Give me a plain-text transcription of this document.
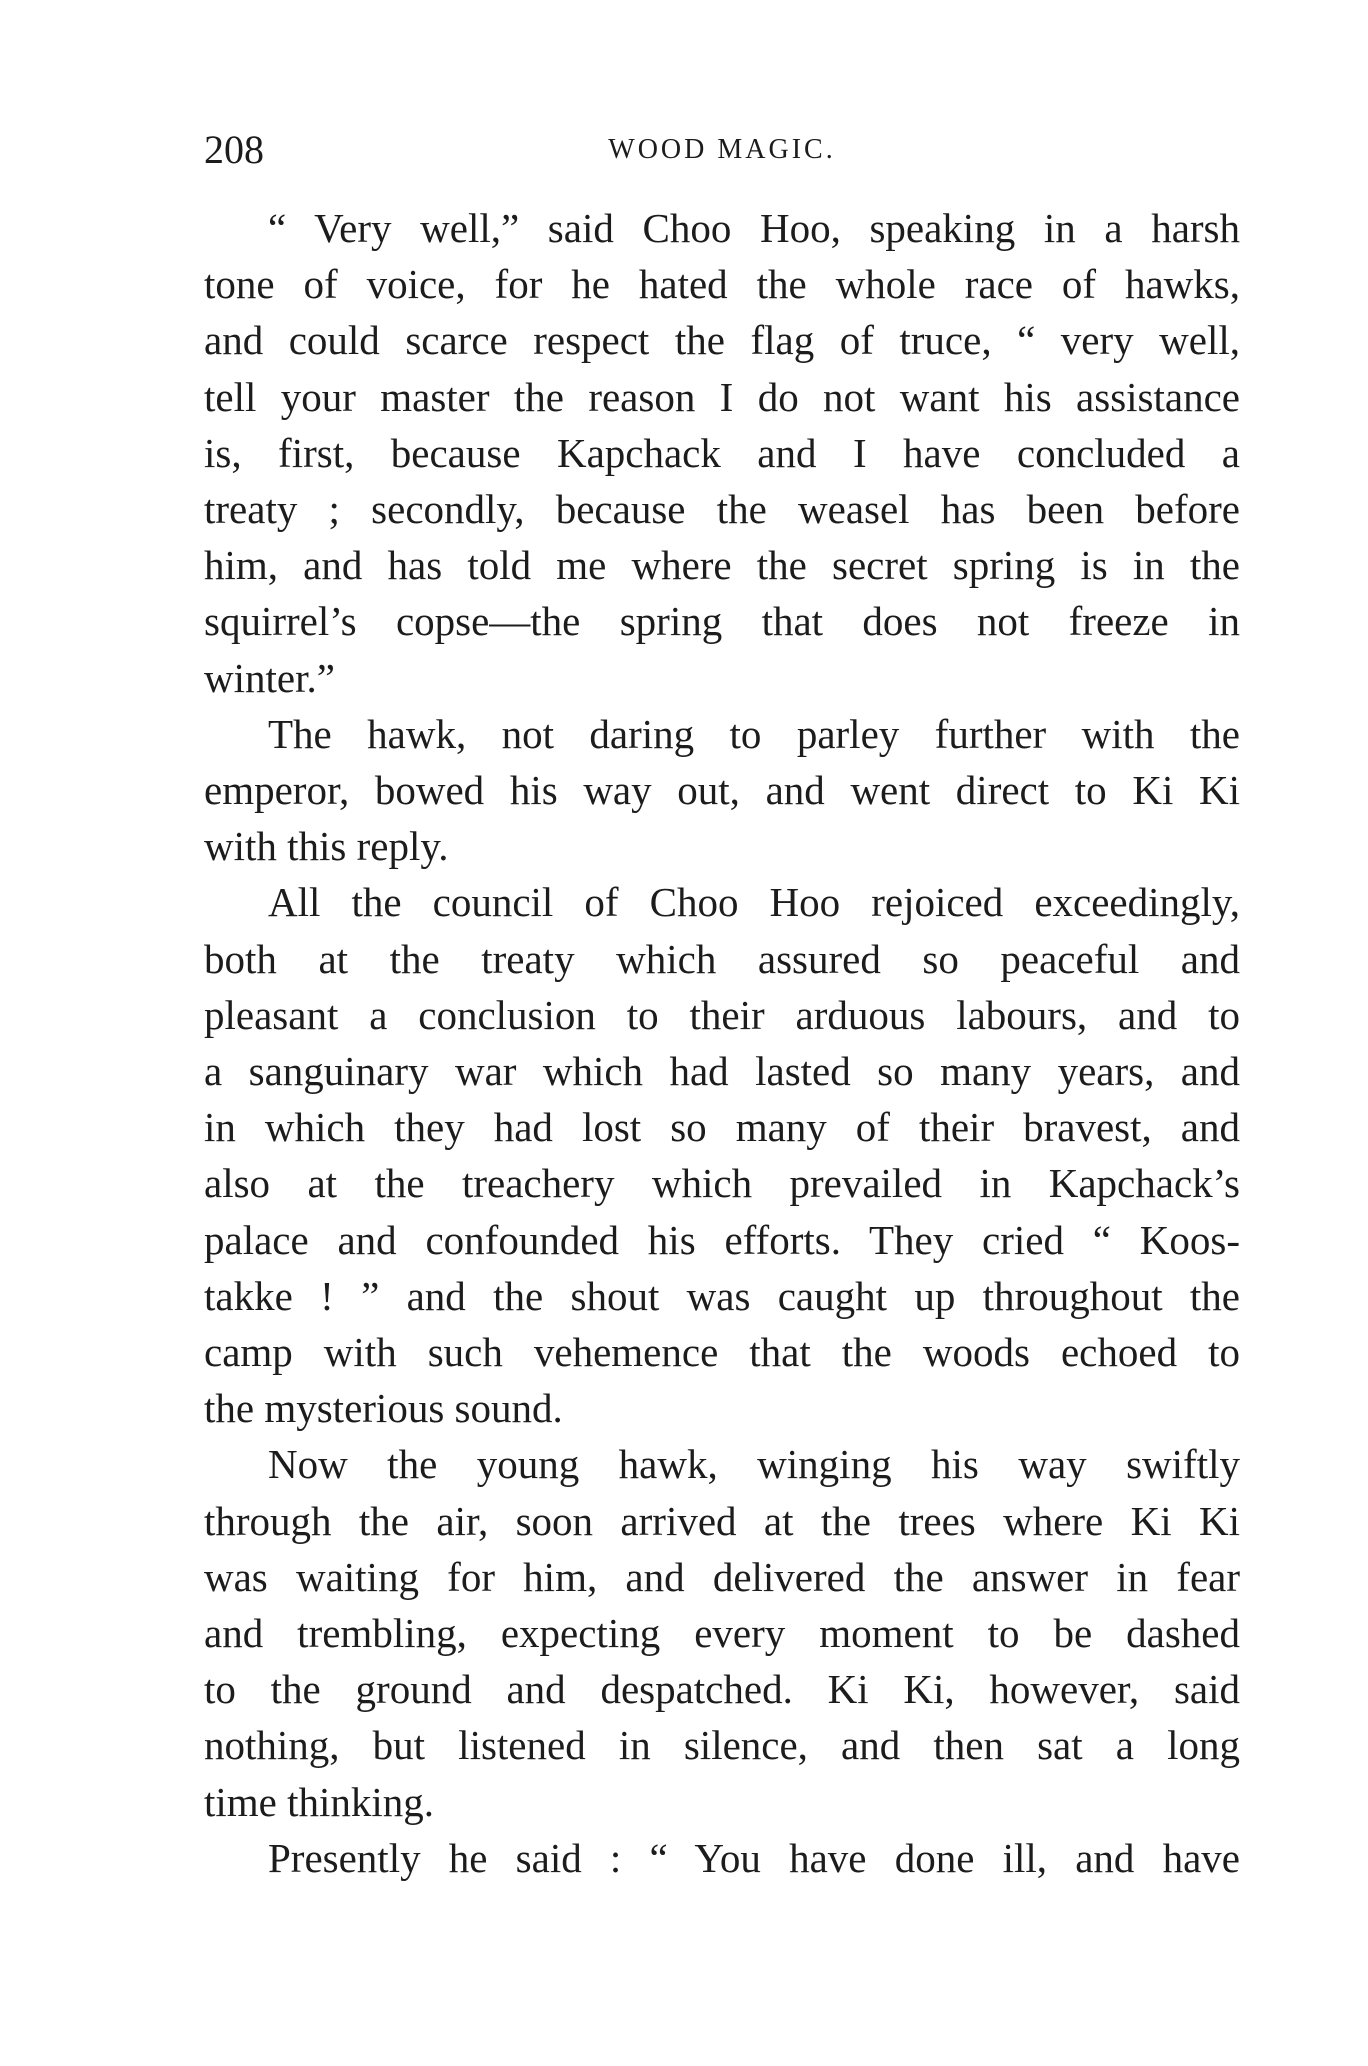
208	WOOD MAGIC.
“ Very well,” said Choo Hoo, speaking in a harsh
tone of voice, for he hated the whole race of hawks,
and could scarce respect the flag of truce, “ very well,
tell your master the reason I do not want his assistance
is, first, because Kapchack and I have concluded a
treaty ; secondly, because the weasel has been before
him, and has told me where the secret spring is in the
squirrel’s copse—the spring that does not freeze in
winter.”
The hawk, not daring to parley further with the
emperor, bowed his way out, and went direct to Ki Ki
with this reply.
All the council of Choo Hoo rejoiced exceedingly,
both at the treaty which assured so peaceful and
pleasant a conclusion to their arduous labours, and to
a sanguinary war which had lasted so many years, and
in which they had lost so many of their bravest, and
also at the treachery which prevailed in Kapchack’s
palace and confounded his efforts. They cried “ Koos-
takke ! ” and the shout was caught up throughout the
camp with such vehemence that the woods echoed to
the mysterious sound.
Now the young hawk, winging his way swiftly
through the air, soon arrived at the trees where Ki Ki
was waiting for him, and delivered the answer in fear
and trembling, expecting every moment to be dashed
to the ground and despatched. Ki Ki, however, said
nothing, but listened in silence, and then sat a long
time thinking.
Presently he said : “ You have done ill, and have
